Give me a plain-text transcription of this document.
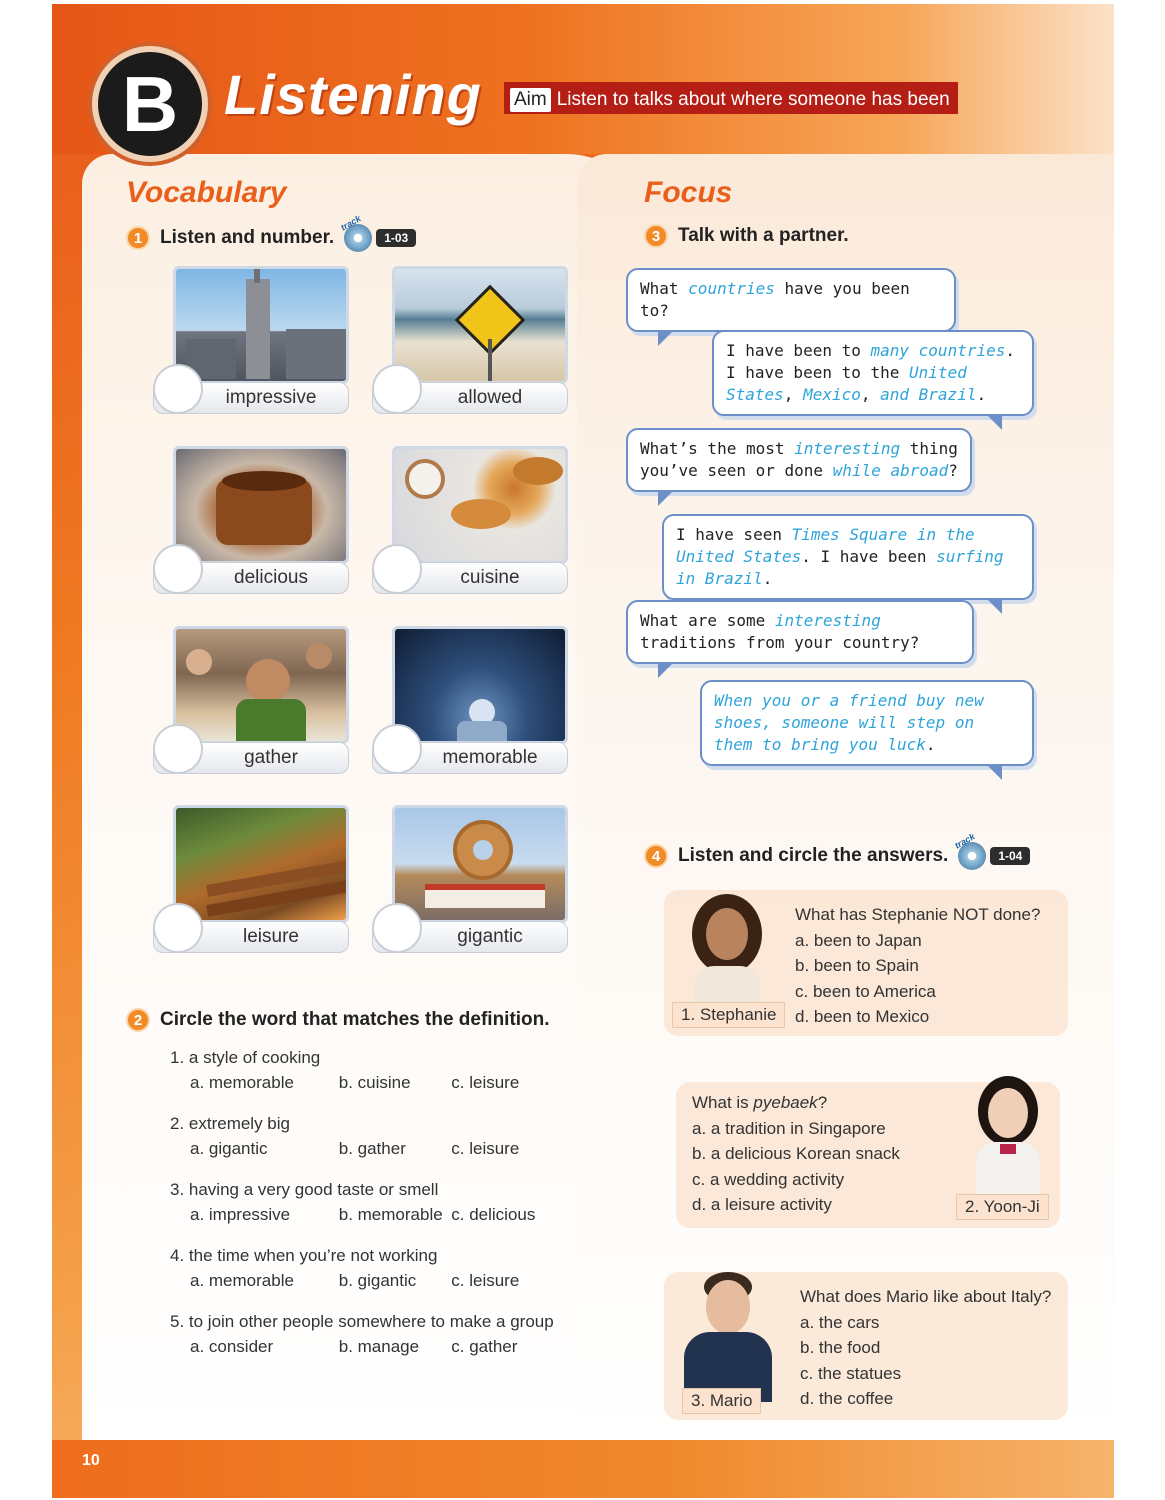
10
B Listening Aim Listen to talks about where someone has been
Vocabulary
1 Listen and number. track	1-03
impressive	allowed
delicious	cuisine
gather	memorable
leisure	gigantic
2 Circle the word that matches the definition.
1. a style of cooking
a. memorable	b. cuisine	c. leisure
2. extremely big
a. gigantic	b. gather	c. leisure
3. having a very good taste or smell
a. impressive	b. memorable c. delicious
4. the time when you’re not working
a. memorable	b. gigantic	c. leisure
5. to join other people somewhere to make a group
a. consider	b. manage	c. gather
Focus
3 Talk with a partner.
What countries have you been to?
I have been to many countries. I have been to the United States, Mexico, and Brazil.
What’s the most interesting thing you’ve seen or done while abroad?
I have seen Times Square in the United States. I have been surfing in Brazil.
What are some interesting traditions from your country?
When you or a friend buy new shoes, someone will step on them to bring you luck.
4 Listen and circle the answers. track	1-04
1. Stephanie
What has Stephanie NOT done?
a. been to Japan
b. been to Spain
c. been to America
d. been to Mexico
2. Yoon-Ji
What is pyebaek?
a. a tradition in Singapore
b. a delicious Korean snack
c. a wedding activity
d. a leisure activity
3. Mario
What does Mario like about Italy?
a. the cars
b. the food
c. the statues
d. the coffee
